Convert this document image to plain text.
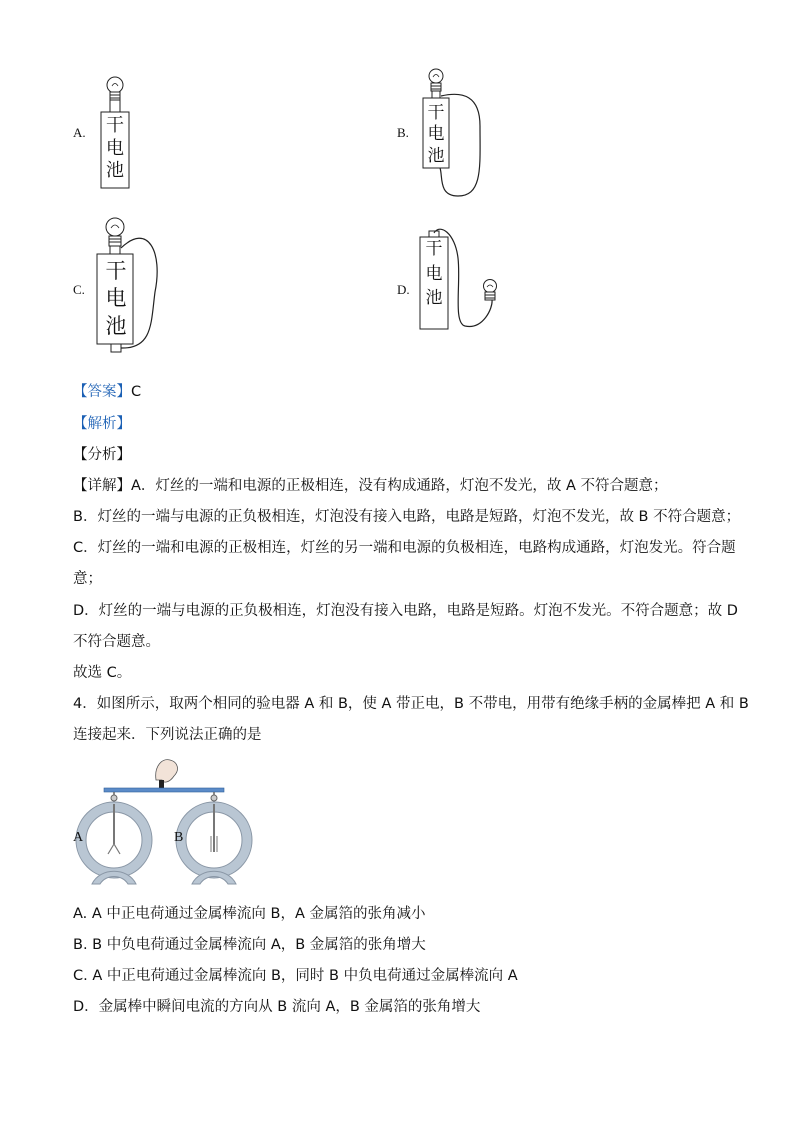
A. 干
电
池
B.
干
电
池
C.
干
电
池
D.
干
电
池
【答案】C
【解析】
【分析】
【详解】A．灯丝的一端和电源的正极相连，没有构成通路，灯泡不发光，故 A 不符合题意；
B．灯丝的一端与电源的正负极相连，灯泡没有接入电路，电路是短路，灯泡不发光，故 B 不符合题意；
C．灯丝的一端和电源的正极相连，灯丝的另一端和电源的负极相连，电路构成通路，灯泡发光。符合题
意；
D．灯丝的一端与电源的正负极相连，灯泡没有接入电路，电路是短路。灯泡不发光。不符合题意；故 D
不符合题意。
故选 C。
4．如图所示，取两个相同的验电器 A 和 B，使 A 带正电，B 不带电，用带有绝缘手柄的金属棒把 A 和 B
连接起来．下列说法正确的是
A	B
A. A 中正电荷通过金属棒流向 B，A 金属箔的张角减小
B. B 中负电荷通过金属棒流向 A，B 金属箔的张角增大
C. A 中正电荷通过金属棒流向 B，同时 B 中负电荷通过金属棒流向 A
D．金属棒中瞬间电流的方向从 B 流向 A，B 金属箔的张角增大
